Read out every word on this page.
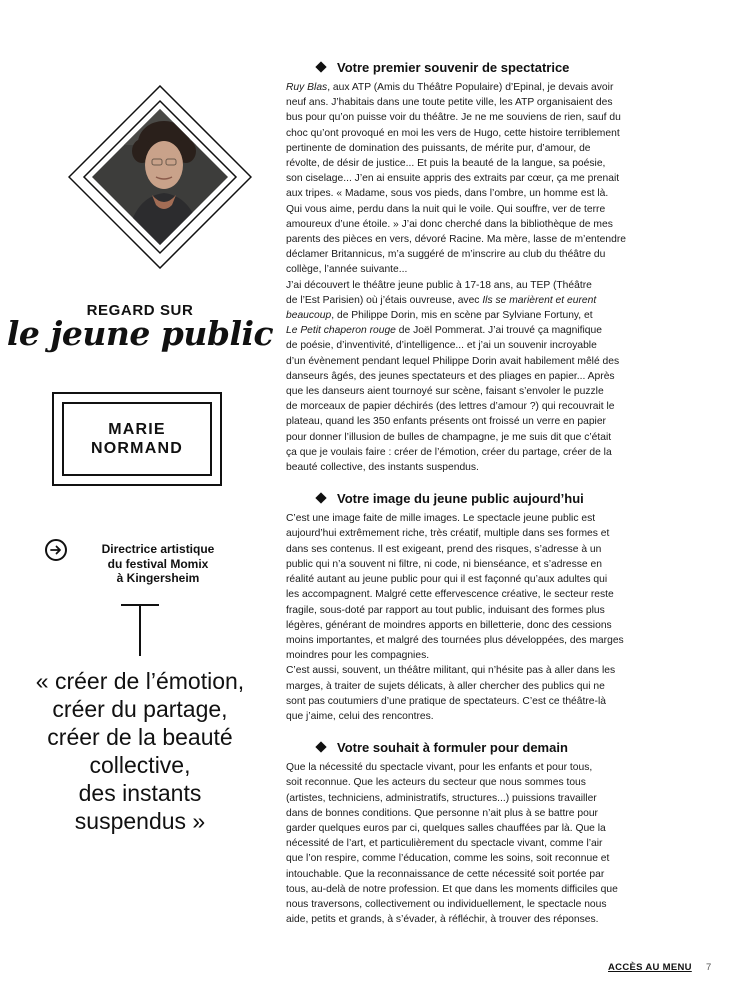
REGARD SUR
le jeune public
MARIE
NORMAND
Directrice artistique
du festival Momix
à Kingersheim
« créer de l’émotion,
créer du partage,
créer de la beauté
collective,
des instants
suspendus »
Votre premier souvenir de spectatrice
Ruy Blas, aux ATP (Amis du Théâtre Populaire) d’Epinal, je devais avoir
neuf ans. J’habitais dans une toute petite ville, les ATP organisaient des
bus pour qu’on puisse voir du théâtre. Je ne me souviens de rien, sauf du
choc qu’ont provoqué en moi les vers de Hugo, cette histoire terriblement
pertinente de domination des puissants, de mérite pur, d’amour, de
révolte, de désir de justice... Et puis la beauté de la langue, sa poésie,
son ciselage... J’en ai ensuite appris des extraits par cœur, ça me prenait
aux tripes. « Madame, sous vos pieds, dans l’ombre, un homme est là.
Qui vous aime, perdu dans la nuit qui le voile. Qui souffre, ver de terre
amoureux d’une étoile. » J’ai donc cherché dans la bibliothèque de mes
parents des pièces en vers, dévoré Racine. Ma mère, lasse de m’entendre
déclamer Britannicus, m’a suggéré de m’inscrire au club du théâtre du
collège, l’année suivante...
J’ai découvert le théâtre jeune public à 17-18 ans, au TEP (Théâtre
de l’Est Parisien) où j’étais ouvreuse, avec Ils se marièrent et eurent
beaucoup, de Philippe Dorin, mis en scène par Sylviane Fortuny, et
Le Petit chaperon rouge de Joël Pommerat. J’ai trouvé ça magnifique
de poésie, d’inventivité, d’intelligence... et j’ai un souvenir incroyable
d’un évènement pendant lequel Philippe Dorin avait habilement mêlé des
danseurs âgés, des jeunes spectateurs et des pliages en papier... Après
que les danseurs aient tournoyé sur scène, faisant s’envoler le puzzle
de morceaux de papier déchirés (des lettres d’amour ?) qui recouvrait le
plateau, quand les 350 enfants présents ont froissé un verre en papier
pour donner l’illusion de bulles de champagne, je me suis dit que c’était
ça que je voulais faire : créer de l’émotion, créer du partage, créer de la
beauté collective, des instants suspendus.
Votre image du jeune public aujourd’hui
C’est une image faite de mille images. Le spectacle jeune public est
aujourd’hui extrêmement riche, très créatif, multiple dans ses formes et
dans ses contenus. Il est exigeant, prend des risques, s’adresse à un
public qui n’a souvent ni filtre, ni code, ni bienséance, et s’adresse en
réalité autant au jeune public pour qui il est façonné qu’aux adultes qui
les accompagnent. Malgré cette effervescence créative, le secteur reste
fragile, sous-doté par rapport au tout public, induisant des formes plus
légères, générant de moindres apports en billetterie, donc des cessions
moins importantes, et malgré des tournées plus développées, des marges
moindres pour les compagnies.
C’est aussi, souvent, un théâtre militant, qui n’hésite pas à aller dans les
marges, à traiter de sujets délicats, à aller chercher des publics qui ne
sont pas coutumiers d’une pratique de spectateurs. C’est ce théâtre-là
que j’aime, celui des rencontres.
Votre souhait à formuler pour demain
Que la nécessité du spectacle vivant, pour les enfants et pour tous,
soit reconnue. Que les acteurs du secteur que nous sommes tous
(artistes, techniciens, administratifs, structures...) puissions travailler
dans de bonnes conditions. Que personne n’ait plus à se battre pour
garder quelques euros par ci, quelques salles chauffées par là. Que la
nécessité de l’art, et particulièrement du spectacle vivant, comme l’air
que l’on respire, comme l’éducation, comme les soins, soit reconnue et
intouchable. Que la reconnaissance de cette nécessité soit portée par
tous, au-delà de notre profession. Et que dans les moments difficiles que
nous traversons, collectivement ou individuellement, le spectacle nous
aide, petits et grands, à s’évader, à réfléchir, à trouver des réponses.
ACCÈS AU MENU 7
